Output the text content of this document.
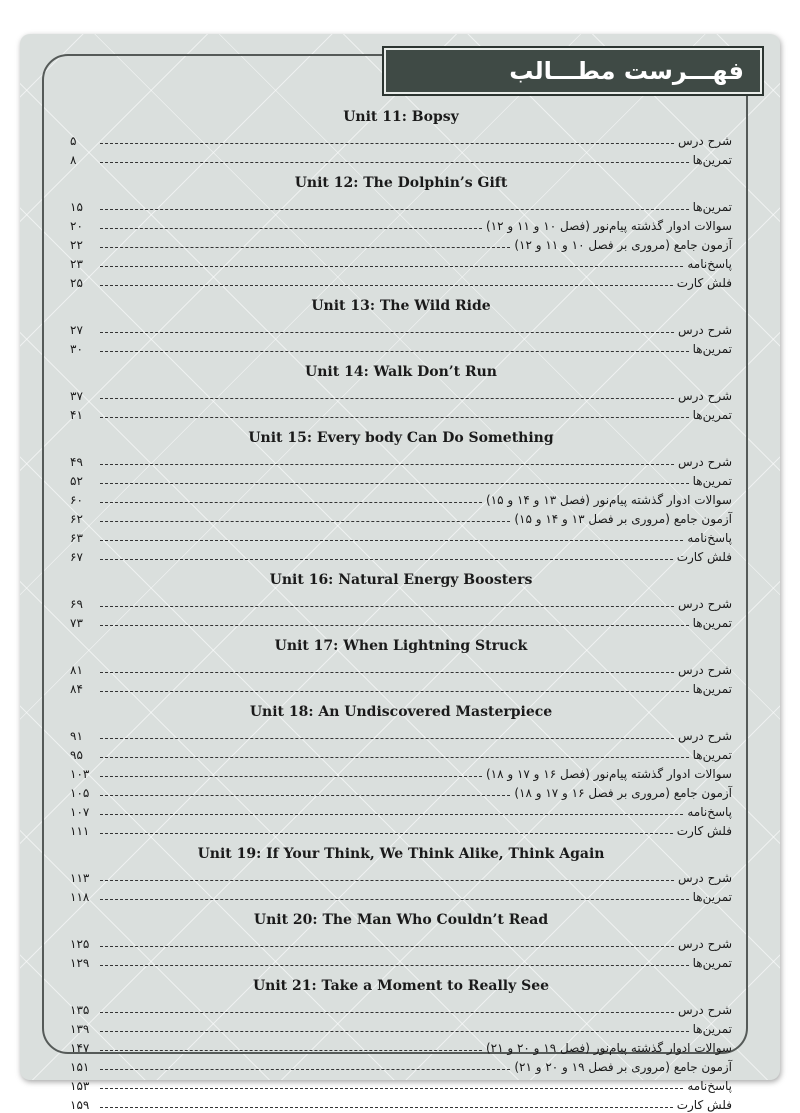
فهـــرست مطـــالب
Unit 11: Bopsy
۵	شرح درس
۸	تمرین‌ها
Unit 12: The Dolphin’s Gift
۱۵	تمرین‌ها
۲۰	سوالات ادوار گذشته پیام‌نور (فصل ۱۰ و ۱۱ و ۱۲)
۲۲	آزمون جامع (مروری بر فصل ۱۰ و ۱۱ و ۱۲)
۲۳	پاسخ‌نامه
۲۵	فلش کارت
Unit 13: The Wild Ride
۲۷	شرح درس
۳۰	تمرین‌ها
Unit 14: Walk Don’t Run
۳۷	شرح درس
۴۱	تمرین‌ها
Unit 15: Every body Can Do Something
۴۹	شرح درس
۵۲	تمرین‌ها
۶۰	سوالات ادوار گذشته پیام‌نور (فصل ۱۳ و ۱۴ و ۱۵)
۶۲	آزمون جامع (مروری بر فصل ۱۳ و ۱۴ و ۱۵)
۶۳	پاسخ‌نامه
۶۷	فلش کارت
Unit 16: Natural Energy Boosters
۶۹	شرح درس
۷۳	تمرین‌ها
Unit 17: When Lightning Struck
۸۱	شرح درس
۸۴	تمرین‌ها
Unit 18: An Undiscovered Masterpiece
۹۱	شرح درس
۹۵	تمرین‌ها
۱۰۳	سوالات ادوار گذشته پیام‌نور (فصل ۱۶ و ۱۷ و ۱۸)
۱۰۵	آزمون جامع (مروری بر فصل ۱۶ و ۱۷ و ۱۸)
۱۰۷	پاسخ‌نامه
۱۱۱	فلش کارت
Unit 19: If Your Think, We Think Alike, Think Again
۱۱۳	شرح درس
۱۱۸	تمرین‌ها
Unit 20: The Man Who Couldn’t Read
۱۲۵	شرح درس
۱۲۹	تمرین‌ها
Unit 21: Take a Moment to Really See
۱۳۵	شرح درس
۱۳۹	تمرین‌ها
۱۴۷	سوالات ادوار گذشته پیام‌نور (فصل ۱۹ و ۲۰ و ۲۱)
۱۵۱	آزمون جامع (مروری بر فصل ۱۹ و ۲۰ و ۲۱)
۱۵۳	پاسخ‌نامه
۱۵۹	فلش کارت
